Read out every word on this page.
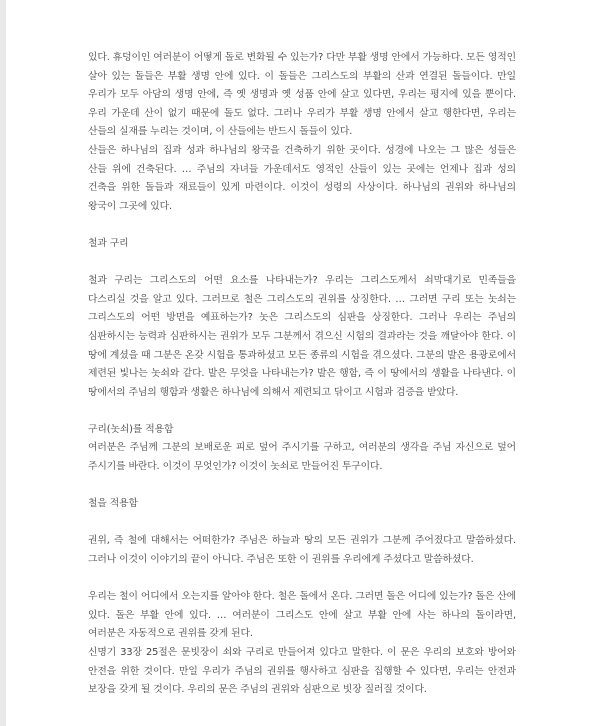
있다. 휴덩이인 여러분이 어떻게 돌로 변화될 수 있는가? 다만 부활 생명 안에서 가능하다. 모든 영적인 살아 있는 돌들은 부활 생명 안에 있다. 이 돌들은 그리스도의 부활의 산과 연결된 돌들이다. 만일 우리가 모두 아담의 생명 안에, 즉 옛 생명과 옛 성품 안에 살고 있다면, 우리는 평지에 있을 뿐이다. 우리 가운데 산이 없기 때문에 돌도 없다. 그러나 우리가 부활 생명 안에서 살고 행한다면, 우리는 산들의 실재를 누리는 것이며, 이 산들에는 반드시 돌들이 있다.

산들은 하나님의 집과 성과 하나님의 왕국을 건축하기 위한 곳이다. 성경에 나오는 그 많은 성들은 산들 위에 건축된다. … 주님의 자녀들 가운데서도 영적인 산들이 있는 곳에는 언제나 집과 성의 건축을 위한 돌들과 재료들이 있게 마련이다. 이것이 성령의 사상이다. 하나님의 권위와 하나님의 왕국이 그곳에 있다.

철과 구리

철과 구리는 그리스도의 어떤 요소를 나타내는가? 우리는 그리스도께서 쇠막대기로 민족들을 다스리실 것을 알고 있다. 그러므로 철은 그리스도의 권위를 상징한다. … 그러면 구리 또는 놋쇠는 그리스도의 어떤 방면을 예표하는가? 놋은 그리스도의 심판을 상징한다. 그러나 우리는 주님의 심판하시는 능력과 심판하시는 권위가 모두 그분께서 겪으신 시험의 결과라는 것을 깨달아야 한다. 이 땅에 계셨을 때 그분은 온갖 시험을 통과하셨고 모든 종류의 시험을 겪으셨다. 그분의 발은 용광로에서 제련된 빛나는 놋쇠와 같다. 발은 무엇을 나타내는가? 발은 행함, 즉 이 땅에서의 생활을 나타낸다. 이 땅에서의 주님의 행함과 생활은 하나님에 의해서 제련되고 닦이고 시험과 검증을 받았다.

구리(놋쇠)를 적용함

여러분은 주님께 그분의 보배로운 피로 덮어 주시기를 구하고, 여러분의 생각을 주님 자신으로 덮어 주시기를 바란다. 이것이 무엇인가? 이것이 놋쇠로 만들어진 투구이다.

철을 적용함

권위, 즉 철에 대해서는 어떠한가? 주님은 하늘과 땅의 모든 권위가 그분께 주어졌다고 말씀하셨다. 그러나 이것이 이야기의 끝이 아니다. 주님은 또한 이 권위를 우리에게 주셨다고 말씀하셨다.

우리는 철이 어디에서 오는지를 알아야 한다. 철은 돌에서 온다. 그러면 돌은 어디에 있는가? 돌은 산에 있다. 돌은 부활 안에 있다. … 여러분이 그리스도 안에 살고 부활 안에 사는 하나의 돌이라면, 여러분은 자동적으로 권위를 갖게 된다.

신명기 33장 25절은 문빗장이 쇠와 구리로 만들어져 있다고 말한다. 이 문은 우리의 보호와 방어와 안전을 위한 것이다. 만일 우리가 주님의 권위를 행사하고 심판을 집행할 수 있다면, 우리는 안전과 보장을 갖게 될 것이다. 우리의 문은 주님의 권위와 심판으로 빗장 질러질 것이다.
